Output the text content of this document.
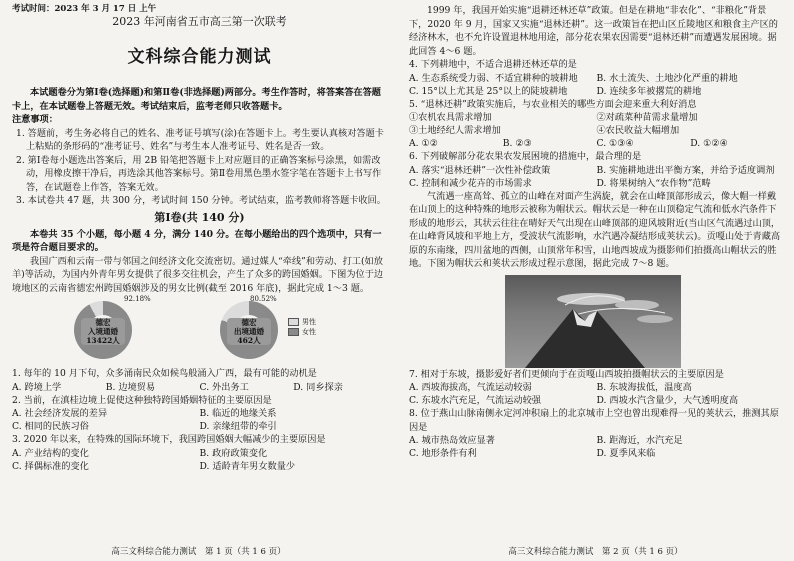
考试时间：2023 年 3 月 17 日 上午

2023 年河南省五市高三第一次联考

文科综合能力测试

本试题卷分为第Ⅰ卷(选择题)和第Ⅱ卷(非选择题)两部分。考生作答时，将答案答在答题卡上，在本试题卷上答题无效。考试结束后，监考老师只收答题卡。

注意事项：

1. 答题前，考生务必将自己的姓名、准考证号填写(涂)在答题卡上。考生要认真核对答题卡上粘贴的条形码的“准考证号、姓名”与考生本人准考证号、姓名是否一致。

2. 第Ⅰ卷每小题选出答案后，用 2B 铅笔把答题卡上对应题目的正确答案标号涂黑，如需改动，用橡皮擦干净后，再选涂其他答案标号。第Ⅱ卷用黑色墨水签字笔在答题卡上书写作答，在试题卷上作答，答案无效。

3. 本试卷共 47 题，共 300 分，考试时间 150 分钟。考试结束，监考教师将答题卡收回。

第Ⅰ卷(共 140 分)

本卷共 35 个小题，每小题 4 分，满分 140 分。在每小题给出的四个选项中，只有一项是符合题目要求的。

我国广西和云南一带与邻国之间经济文化交流密切。通过媒人“牵线”和劳动、打工(如放羊)等活动，为国内外青年男女提供了很多交往机会，产生了众多的跨国婚姻。下图为位于边境地区的云南省德宏州跨国婚姻涉及的男女比例(截至 2016 年底)，据此完成 1～3 题。

92.18%
德宏
入境通婚
13422人
80.52%
德宏
出境通婚
462人
男性
女性

1. 每年的 10 月下旬，众多涌南民众如候鸟般涌入广西，最有可能的动机是

A. 跨境上学	B. 边境贸易	C. 外出务工	D. 同乡探亲

2. 当前，在滇桂边境上促使这种独特跨国婚姻特征的主要原因是

A. 社会经济发展的差异	B. 临近的地缘关系
C. 相同的民族习俗	D. 亲缘纽带的牵引

3. 2020 年以来，在特殊的国际环境下，我国跨国婚姻大幅减少的主要原因是

A. 产业结构的变化	B. 政府政策变化
C. 择偶标准的变化	D. 适龄青年男女数量少
高三文科综合能力测试　第 1 页（共 1 6 页）

1999 年，我国开始实施“退耕还林还草”政策。但是在耕地“非农化”、“非粮化”背景下，2020 年 9 月，国家又实施“退林还耕”。这一政策旨在把山区丘陵地区和粮食主产区的经济林木，也不允许设置退林地用途，部分花农果农因需要“退林还耕”而遭遇发展困境。据此回答 4～6 题。

4. 下列耕地中，不适合退耕还林还草的是

A. 生态系统受力弱、不适宜耕种的坡耕地	B. 水土流失、土地沙化严重的耕地
C. 15°以上尤其是 25°以上的陡坡耕地	D. 连续多年被撂荒的耕地

5. “退林还耕”政策实施后，与农业相关的哪些方面会迎来重大利好消息

①农机农具需求增加	②对疏菜种苗需求量增加
③土地经纪人需求增加	④农民收益大幅增加
A. ①②	B. ②③	C. ①③④	D. ①②④

6. 下列破解部分花农果农发展困境的措施中，最合理的是

A. 落实“退林还耕”一次性补偿政策	B. 实施耕地进出平衡方案，并给予适度调剂
C. 控制和减少花卉的市场需求	D. 将果树纳入“农作物”范畴

气流遇一座高耸、孤立的山峰在对面产生涡旋，就会在山峰顶部形成云，像大帽一样戴在山顶上的这种特殊的地形云被称为帽状云。帽状云是一种在山顶稳定气流和低水汽条件下形成的地形云，其状云往往在晴好天气出现在山峰顶部的迎风坡附近(当山区气流遇过山顶，在山峰背风坡和平地上方，受波状气流影响，水汽遇冷凝结形成荚状云)。贡嘎山处于青藏高原的东南缘，四川盆地的西侧，山顶常年积雪，山地西坡成为摄影师们拍摄高山帽状云的胜地。下图为帽状云和荚状云形成过程示意图，据此完成 7～8 题。

7. 相对于东坡，摄影爱好者们更倾向于在贡嘎山西坡拍摄帽状云的主要原因是

A. 西坡海拔高，气流运动较弱	B. 东坡海拔低，温度高
C. 东坡水汽充足，气流运动较强	D. 西坡水汽含量少，大气透明度高

8. 位于燕山山脉南侧永定河冲积扇上的北京城市上空也曾出现难得一见的荚状云，推测其原因是

A. 城市热岛效应显著	B. 距海近，水汽充足
C. 地形条件有利	D. 夏季风来临
高三文科综合能力测试　第 2 页（共 1 6 页）
